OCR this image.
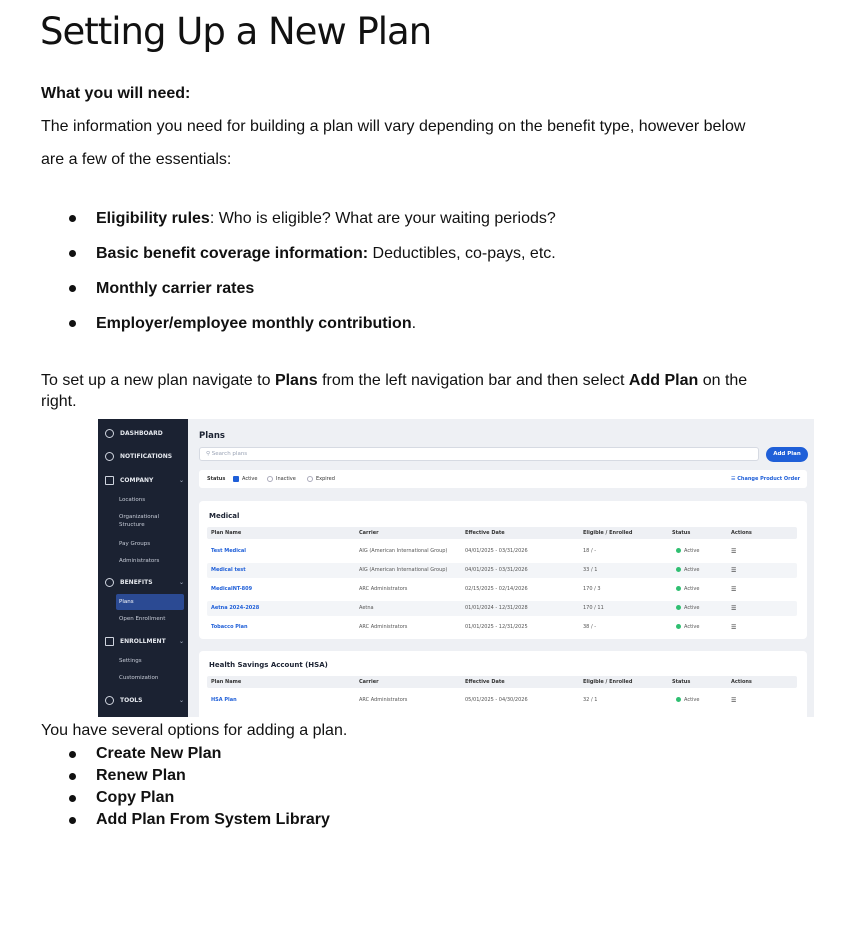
Setting Up a New Plan
What you will need:

The information you need for building a plan will vary depending on the benefit type, however below are a few of the essentials:

Eligibility rules: Who is eligible? What are your waiting periods?
Basic benefit coverage information: Deductibles, co-pays, etc.
Monthly carrier rates
Employer/employee monthly contribution.

To set up a new plan navigate to Plans from the left navigation bar and then select Add Plan on the right.

DASHBOARD
NOTIFICATIONS
COMPANY	⌄
Locations
Organizational Structure
Pay Groups
Administrators
BENEFITS	⌄
Plans
Open Enrollment
ENROLLMENT ⌄
Settings
Customization
TOOLS	⌄
Plans
⚲ Search plans	Add Plan
Status	Active	Inactive	Expired	☰ Change Product Order
Medical
Plan Name	Carrier	Effective Date	Eligible / Enrolled	Status	Actions
Test Medical	AIG (American International Group)	04/01/2025 - 03/31/2026	18 / -	Active	☰
Medical test	AIG (American International Group)	04/01/2025 - 03/31/2026	33 / 1	Active	☰
MedicalNT-809	ARC Administrators	02/15/2025 - 02/14/2026	170 / 3	Active	☰
Aetna 2024-2028	Aetna	01/01/2024 - 12/31/2028	170 / 11	Active	☰
Tobacco Plan	ARC Administrators	01/01/2025 - 12/31/2025	38 / -	Active	☰
Health Savings Account (HSA)
Plan Name	Carrier	Effective Date	Eligible / Enrolled	Status	Actions
HSA Plan	ARC Administrators	05/01/2025 - 04/30/2026	32 / 1	Active	☰
You have several options for adding a plan.
Create New Plan
Renew Plan
Copy Plan
Add Plan From System Library
